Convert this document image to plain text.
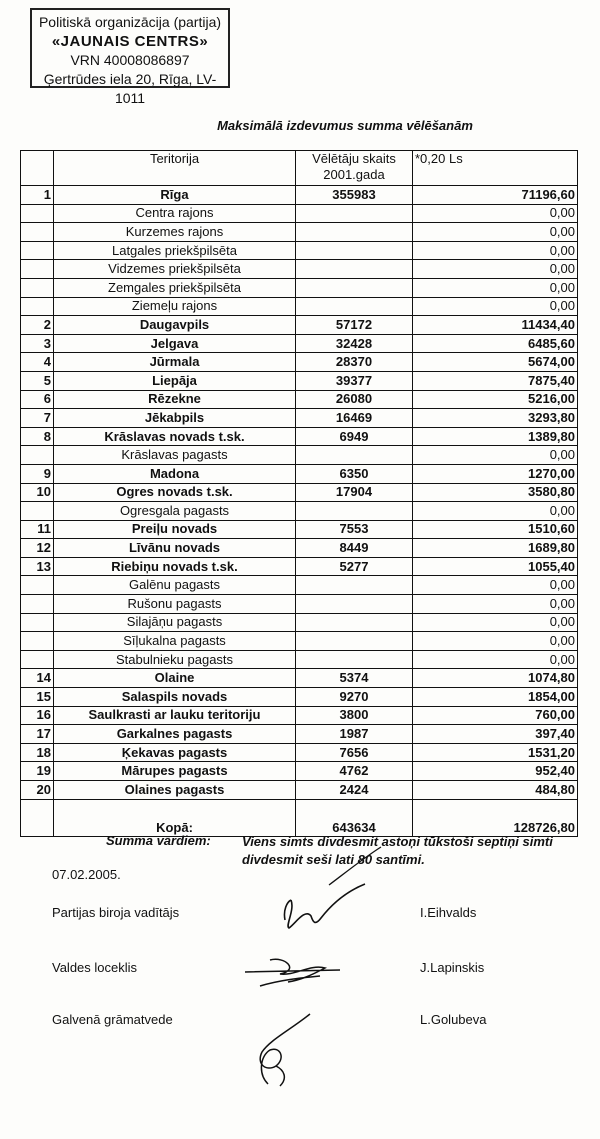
Politiskā organizācija (partija)
«JAUNAIS CENTRS»
VRN 40008086897
Ģertrūdes iela 20, Rīga, LV-1011
Maksimālā izdevumus summa vēlēšanām
	Teritorija	Vēlētāju skaits 2001.gada	*0,20 Ls
1	Rīga	355983	71196,60
	Centra rajons		0,00
	Kurzemes rajons		0,00
	Latgales priekšpilsēta		0,00
	Vidzemes priekšpilsēta		0,00
	Zemgales priekšpilsēta		0,00
	Ziemeļu rajons		0,00
2	Daugavpils	57172	11434,40
3	Jelgava	32428	6485,60
4	Jūrmala	28370	5674,00
5	Liepāja	39377	7875,40
6	Rēzekne	26080	5216,00
7	Jēkabpils	16469	3293,80
8	Krāslavas novads t.sk.	6949	1389,80
	Krāslavas pagasts		0,00
9	Madona	6350	1270,00
10	Ogres novads t.sk.	17904	3580,80
	Ogresgala pagasts		0,00
11	Preiļu novads	7553	1510,60
12	Līvānu novads	8449	1689,80
13	Riebiņu novads t.sk.	5277	1055,40
	Galēnu pagasts		0,00
	Rušonu pagasts		0,00
	Silajāņu pagasts		0,00
	Sīļukalna pagasts		0,00
	Stabulnieku pagasts		0,00
14	Olaine	5374	1074,80
15	Salaspils novads	9270	1854,00
16	Saulkrasti ar lauku teritoriju	3800	760,00
17	Garkalnes pagasts	1987	397,40
18	Ķekavas pagasts	7656	1531,20
19	Mārupes pagasts	4762	952,40
20	Olaines pagasts	2424	484,80
	Kopā:	643634	128726,80
Summa vārdiem: Viens simts divdesmit astoņi tūkstoši septiņi simti divdesmit seši lati 80 santīmi.
07.02.2005.
Partijas biroja vadītājs	I.Eihvalds
Valdes loceklis	J.Lapinskis
Galvenā grāmatvede	L.Golubeva
